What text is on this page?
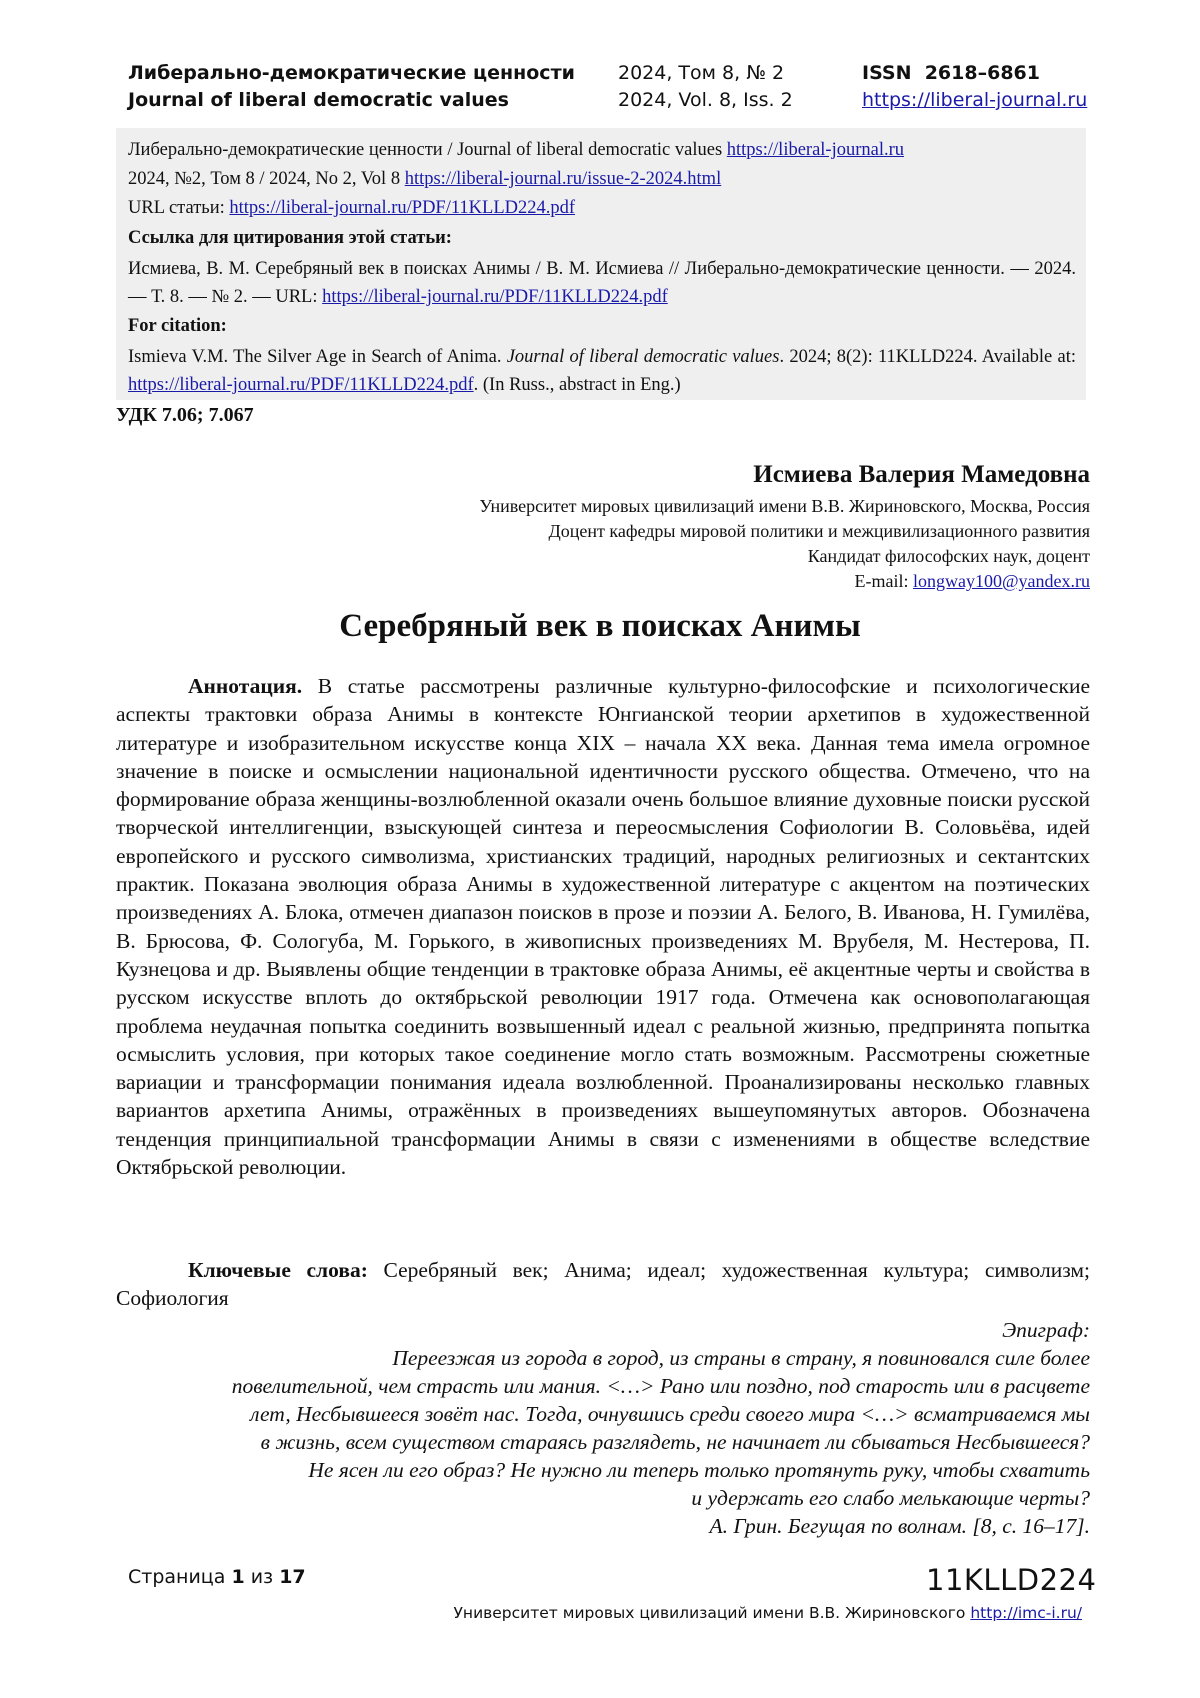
Либерально-демократические ценности
Journal of liberal democratic values
2024, Том 8, № 2
2024, Vol. 8, Iss. 2
ISSN  2618–6861
https://liberal-journal.ru

Либерально-демократические ценности / Journal of liberal democratic values https://liberal-journal.ru

2024, №2, Том 8 / 2024, No 2, Vol 8 https://liberal-journal.ru/issue-2-2024.html

URL статьи: https://liberal-journal.ru/PDF/11KLLD224.pdf

Ссылка для цитирования этой статьи:

Исмиева, В. М. Серебряный век в поисках Анимы / В. М. Исмиева // Либерально-демократические ценности. — 2024. — Т. 8. — № 2. — URL: https://liberal-journal.ru/PDF/11KLLD224.pdf

For citation:

Ismieva V.M. The Silver Age in Search of Anima. Journal of liberal democratic values. 2024; 8(2): 11KLLD224. Available at: https://liberal-journal.ru/PDF/11KLLD224.pdf. (In Russ., abstract in Eng.)

УДК 7.06; 7.067
Исмиева Валерия Мамедовна
Университет мировых цивилизаций имени В.В. Жириновского, Москва, Россия
Доцент кафедры мировой политики и межцивилизационного развития
Кандидат философских наук, доцент
E-mail: longway100@yandex.ru
Серебряный век в поисках Анимы

Аннотация. В статье рассмотрены различные культурно-философские и психологические аспекты трактовки образа Анимы в контексте Юнгианской теории архетипов в художественной литературе и изобразительном искусстве конца XIX – начала XX века. Данная тема имела огромное значение в поиске и осмыслении национальной идентичности русского общества. Отмечено, что на формирование образа женщины-возлюбленной оказали очень большое влияние духовные поиски русской творческой интеллигенции, взыскующей синтеза и переосмысления Софиологии В. Соловьёва, идей европейского и русского символизма, христианских традиций, народных религиозных и сектантских практик. Показана эволюция образа Анимы в художественной литературе с акцентом на поэтических произведениях А. Блока, отмечен диапазон поисков в прозе и поэзии А. Белого, В. Иванова, Н. Гумилёва, В. Брюсова, Ф. Сологуба, М. Горького, в живописных произведениях М. Врубеля, М. Нестерова, П. Кузнецова и др. Выявлены общие тенденции в трактовке образа Анимы, её акцентные черты и свойства в русском искусстве вплоть до октябрьской революции 1917 года. Отмечена как основополагающая проблема неудачная попытка соединить возвышенный идеал с реальной жизнью, предпринята попытка осмыслить условия, при которых такое соединение могло стать возможным. Рассмотрены сюжетные вариации и трансформации понимания идеала возлюбленной. Проанализированы несколько главных вариантов архетипа Анимы, отражённых в произведениях вышеупомянутых авторов. Обозначена тенденция принципиальной трансформации Анимы в связи с изменениями в обществе вследствие Октябрьской революции.

Ключевые слова: Серебряный век; Анима; идеал; художественная культура; символизм; Софиология

Эпиграф:
Переезжая из города в город, из страны в страну, я повиновался силе более
повелительной, чем страсть или мания. <…> Рано или поздно, под старость или в расцвете
лет, Несбывшееся зовёт нас. Тогда, очнувшись среди своего мира <…> всматриваемся мы
в жизнь, всем существом стараясь разглядеть, не начинает ли сбываться Несбывшееся?
Не ясен ли его образ? Не нужно ли теперь только протянуть руку, чтобы схватить
и удержать его слабо мелькающие черты?
А. Грин. Бегущая по волнам. [8, с. 16–17].
Страница 1 из 17	11KLLD224
Университет мировых цивилизаций имени В.В. Жириновского http://imc-i.ru/
